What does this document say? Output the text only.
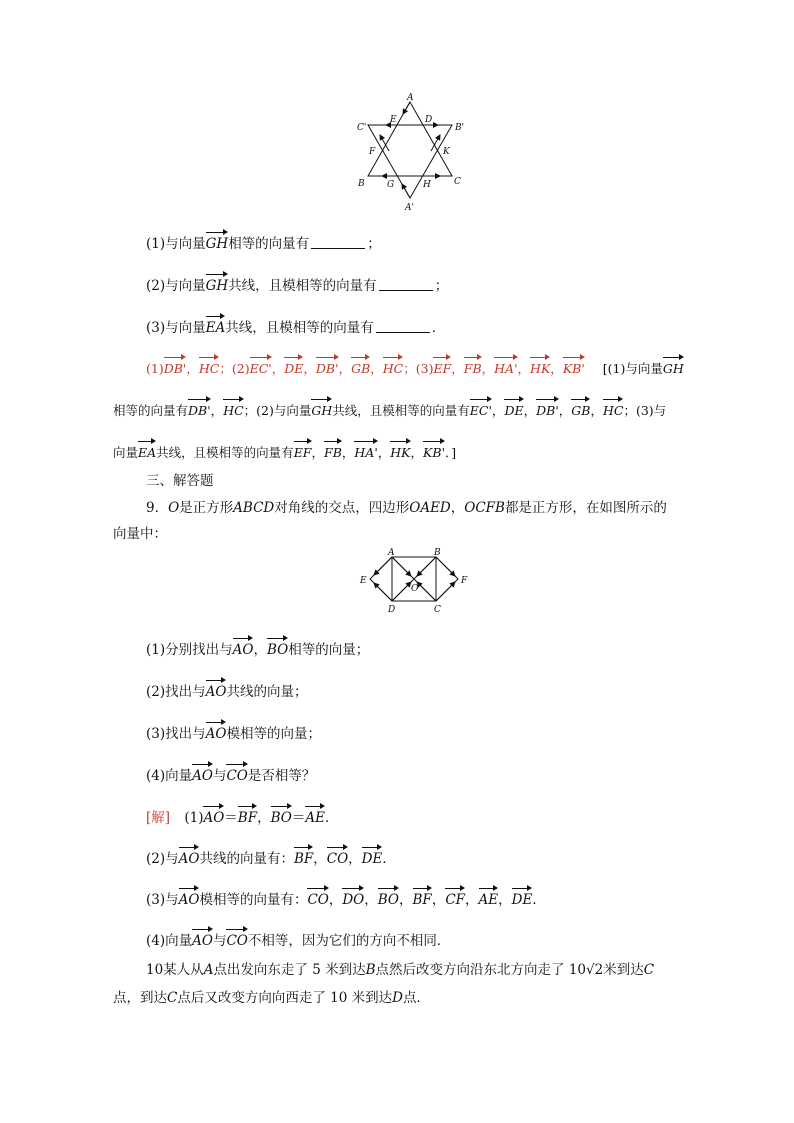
A
C'
E	D
B'
F	K
B G	H	C
A'
(1)与向量GH相等的向量有	；
(2)与向量GH共线，且模相等的向量有	；
(3)与向量EA共线，且模相等的向量有	．
(1)DB'，HC；(2)EC'，DE，DB'，GB，HC；(3)EF，FB，HA'，HK，KB' [(1)与向量GH
相等的向量有DB'，HC；(2)与向量GH共线，且模相等的向量有EC'，DE，DB'，GB，HC；(3)与
向量EA共线，且模相等的向量有EF，FB，HA'，HK，KB'．]
三、解答题
9．O是正方形ABCD对角线的交点，四边形OAED，OCFB都是正方形，在如图所示的
向量中：
A	B
E	F
O
D	C
(1)分别找出与AO，BO相等的向量；
(2)找出与AO共线的向量；
(3)找出与AO模相等的向量；
(4)向量AO与CO是否相等？
[解] (1)AO＝BF，BO＝AE．
(2)与AO共线的向量有：BF，CO，DE．
(3)与AO模相等的向量有：CO，DO，BO，BF，CF，AE，DE．
(4)向量AO与CO不相等，因为它们的方向不相同．
10某人从A点出发向东走了 5 米到达B点然后改变方向沿东北方向走了 10√2米到达C
点，到达C点后又改变方向向西走了 10 米到达D点．
